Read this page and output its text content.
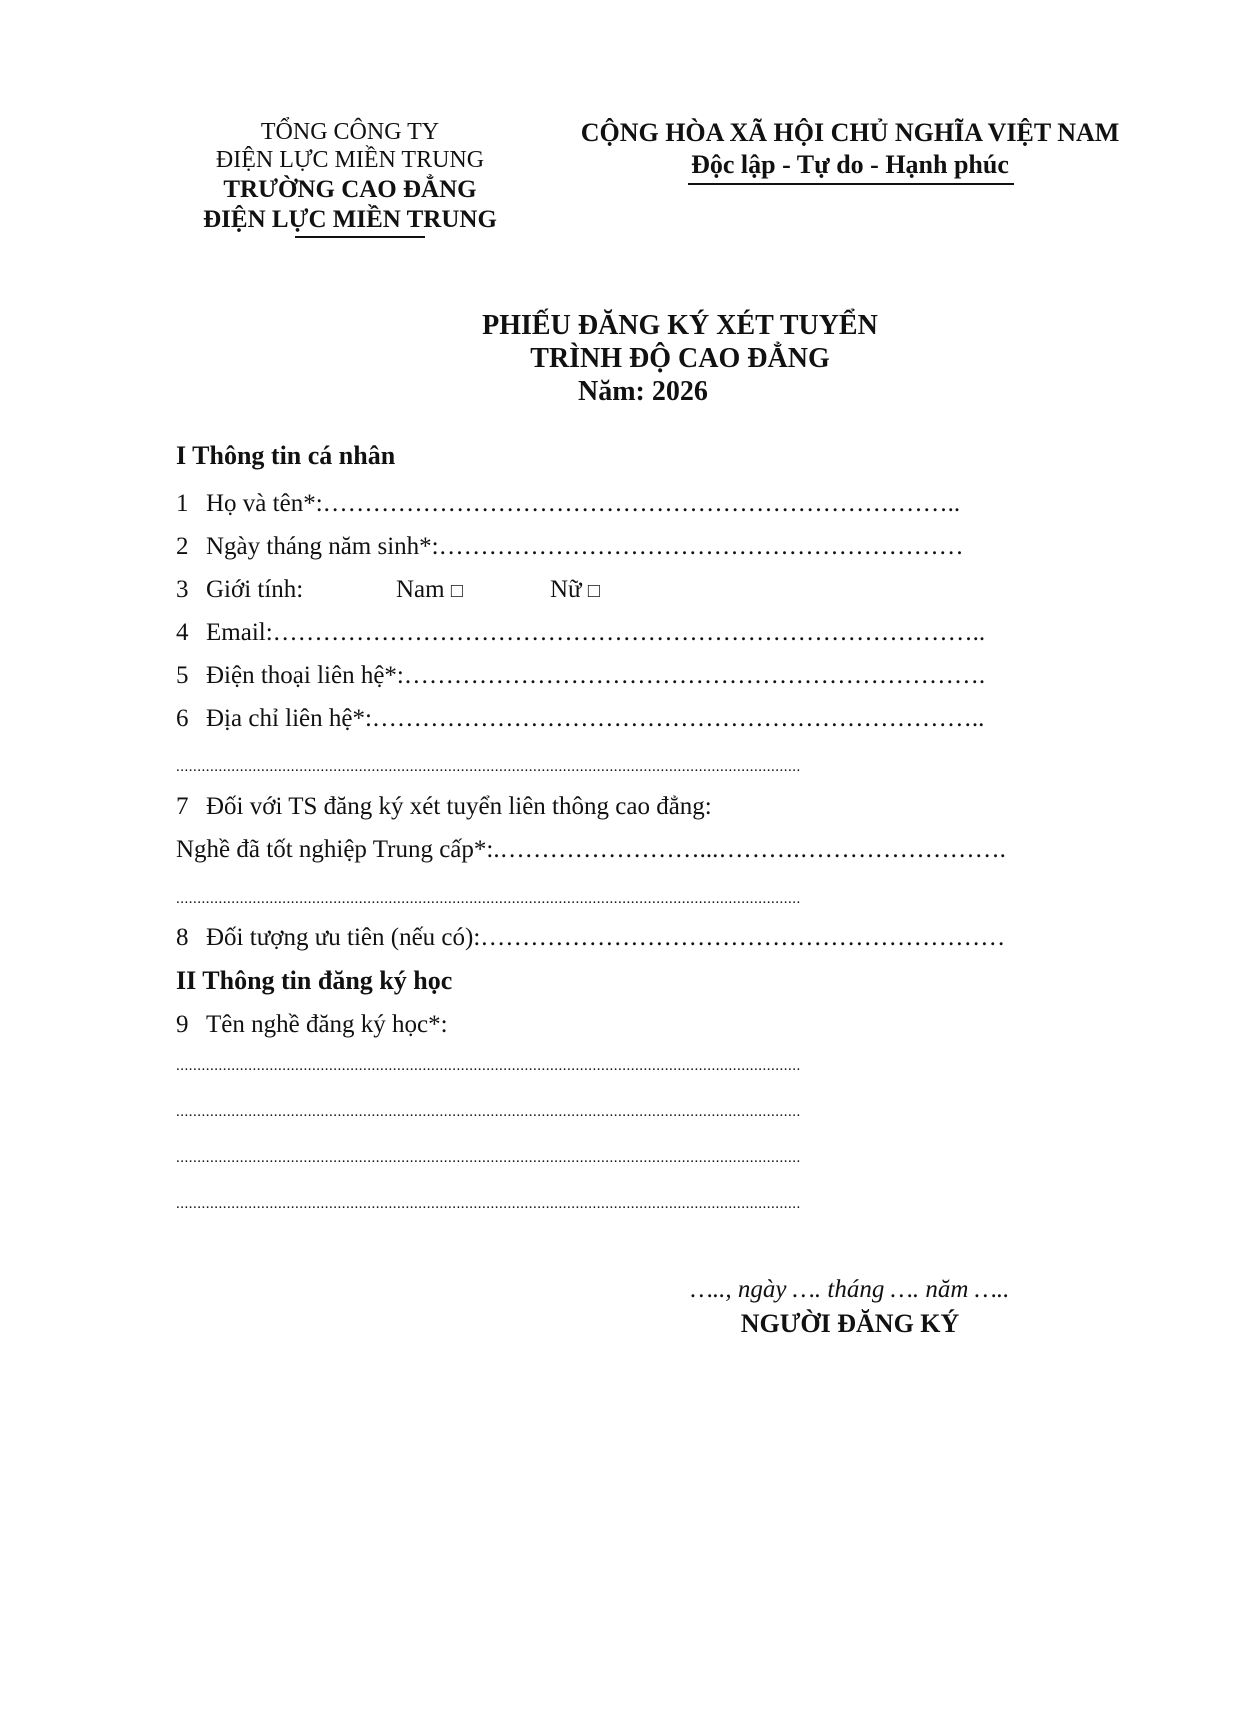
TỔNG CÔNG TY
ĐIỆN LỰC MIỀN TRUNG
TRƯỜNG CAO ĐẲNG
ĐIỆN LỰC MIỀN TRUNG
CỘNG HÒA XÃ HỘI CHỦ NGHĨA VIỆT NAM
Độc lập - Tự do - Hạnh phúc
PHIẾU ĐĂNG KÝ XÉT TUYỂN
TRÌNH ĐỘ CAO ĐẲNG
Năm: 2026
I Thông tin cá nhân
1 Họ và tên*:…………………………………………………………………..
2 Ngày tháng năm sinh*:………………………………………………………
3 Giới tính:	Nam □	Nữ □
4 Email:…………………………………………………………………………..
5 Điện thoại liên hệ*:…………………………………………………………….
6 Địa chỉ liên hệ*:………………………………………………………………..
...................................................................................................................................................
7 Đối với TS đăng ký xét tuyển liên thông cao đẳng:
Nghề đã tốt nghiệp Trung cấp*:.……………………...……….…………………….
...................................................................................................................................................
8 Đối tượng ưu tiên (nếu có):………………………………………………………
II Thông tin đăng ký học
9 Tên nghề đăng ký học*:
...................................................................................................................................................
...................................................................................................................................................
...................................................................................................................................................
...................................................................................................................................................
….., ngày …. tháng …. năm …..
NGƯỜI ĐĂNG KÝ
